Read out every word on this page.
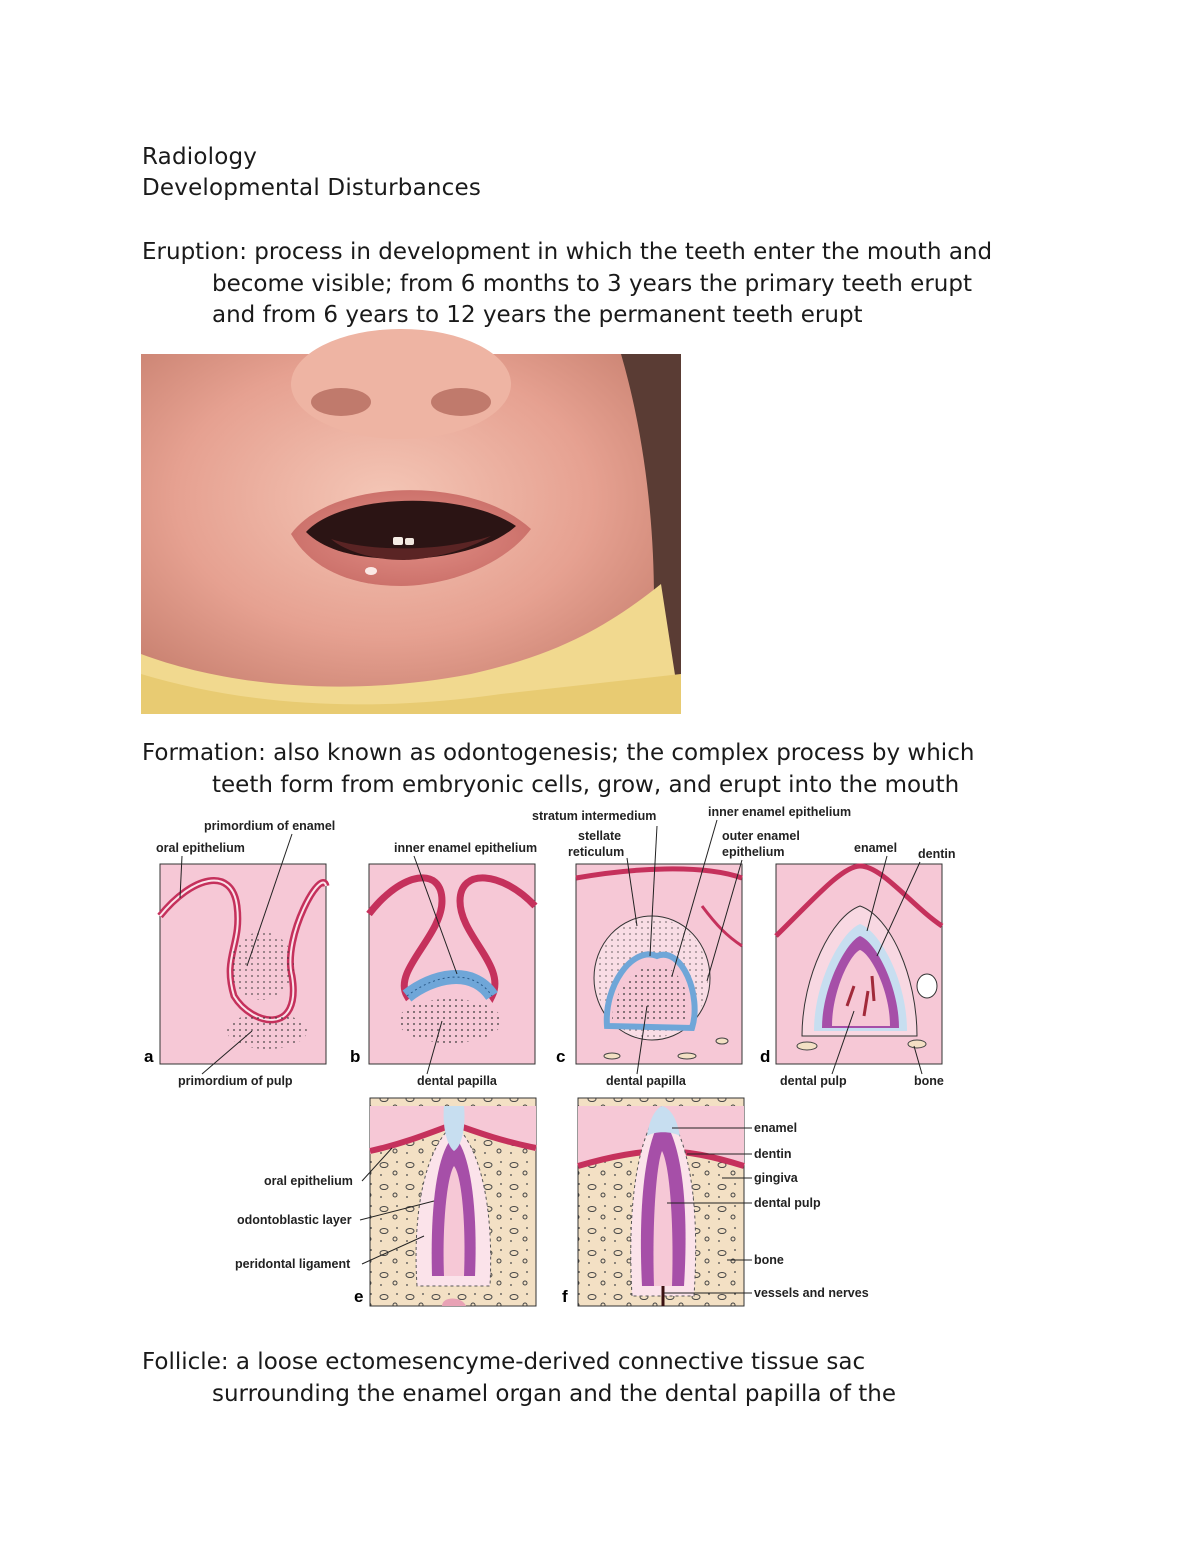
Radiology
Developmental Disturbances
Eruption: process in development in which the teeth enter the mouth and
become visible; from 6 months to 3 years the primary teeth erupt
and from 6 years to 12 years the permanent teeth erupt
Formation: also known as odontogenesis; the complex process by which
teeth form from embryonic cells, grow, and erupt into the mouth
primordium of enamel
oral epithelium
a
primordium of pulp
inner enamel epithelium
b
dental papilla
stratum intermedium
stellate
reticulum
inner enamel epithelium
outer enamel
epithelium
c
dental papilla
enamel dentin
d
dental pulp	bone
oral epithelium
odontoblastic layer
peridontal ligament
e
enamel
dentin
gingiva
dental pulp
bone
vessels and nerves
f
Follicle: a loose ectomesencyme-derived connective tissue sac
surrounding the enamel organ and the dental papilla of the
